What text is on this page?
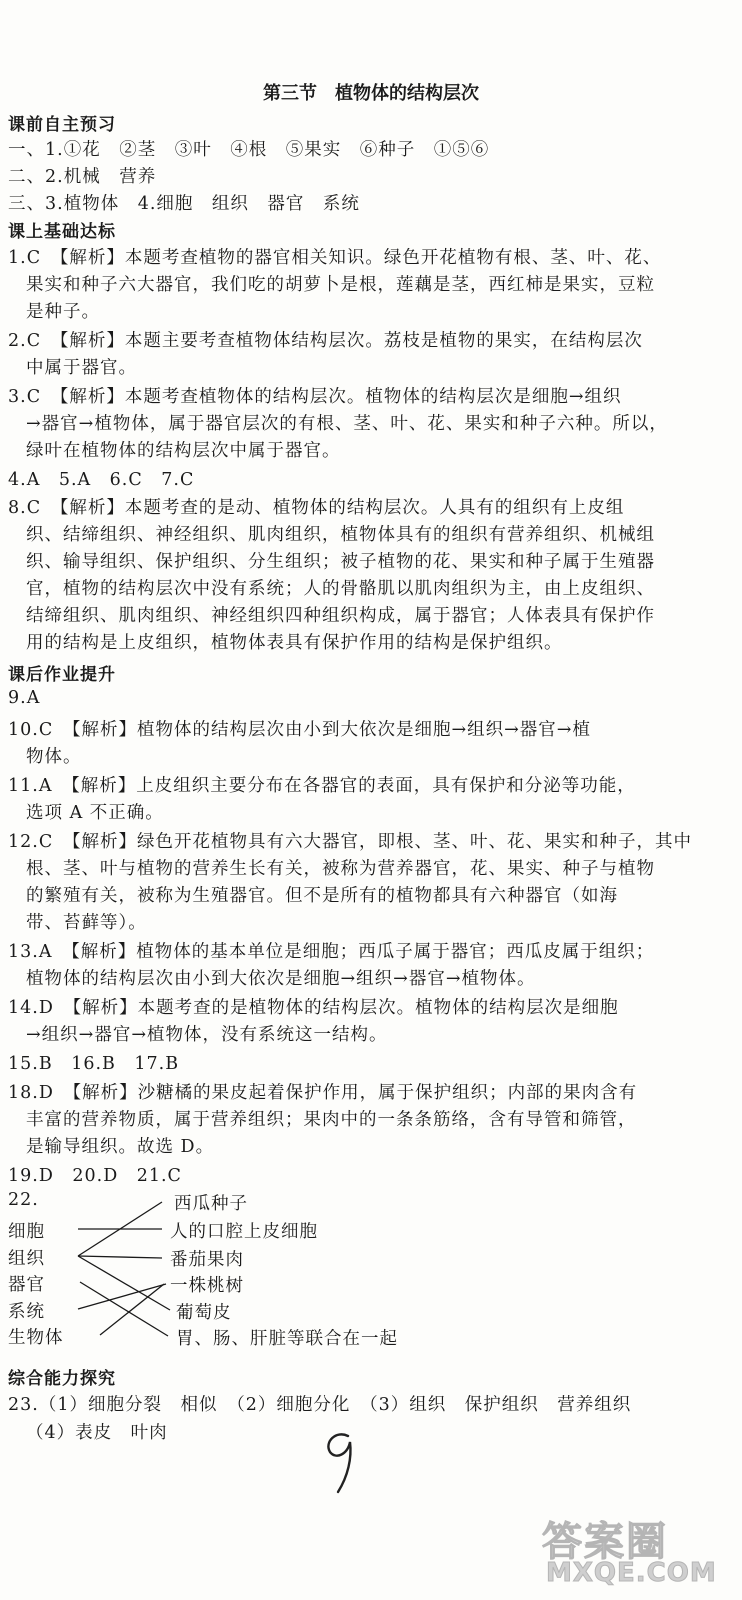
第三节　植物体的结构层次
课前自主预习
一、1.①花　②茎　③叶　④根　⑤果实　⑥种子　①⑤⑥
二、2.机械　营养
三、3.植物体　4.细胞　组织　器官　系统
课上基础达标
1.C　【解析】本题考查植物的器官相关知识。绿色开花植物有根、茎、叶、花、
果实和种子六大器官，我们吃的胡萝卜是根，莲藕是茎，西红柿是果实，豆粒
是种子。
2.C　【解析】本题主要考查植物体结构层次。荔枝是植物的果实，在结构层次
中属于器官。
3.C　【解析】本题考查植物体的结构层次。植物体的结构层次是细胞→组织
→器官→植物体，属于器官层次的有根、茎、叶、花、果实和种子六种。所以，
绿叶在植物体的结构层次中属于器官。
4.A　5.A　6.C　7.C
8.C　【解析】本题考查的是动、植物体的结构层次。人具有的组织有上皮组
织、结缔组织、神经组织、肌肉组织，植物体具有的组织有营养组织、机械组
织、输导组织、保护组织、分生组织；被子植物的花、果实和种子属于生殖器
官，植物的结构层次中没有系统；人的骨骼肌以肌肉组织为主，由上皮组织、
结缔组织、肌肉组织、神经组织四种组织构成，属于器官；人体表具有保护作
用的结构是上皮组织，植物体表具有保护作用的结构是保护组织。
课后作业提升
9.A
10.C　【解析】植物体的结构层次由小到大依次是细胞→组织→器官→植
物体。
11.A　【解析】上皮组织主要分布在各器官的表面，具有保护和分泌等功能，
选项 A 不正确。
12.C　【解析】绿色开花植物具有六大器官，即根、茎、叶、花、果实和种子，其中
根、茎、叶与植物的营养生长有关，被称为营养器官，花、果实、种子与植物
的繁殖有关，被称为生殖器官。但不是所有的植物都具有六种器官（如海
带、苔藓等）。
13.A　【解析】植物体的基本单位是细胞；西瓜子属于器官；西瓜皮属于组织；
植物体的结构层次由小到大依次是细胞→组织→器官→植物体。
14.D　【解析】本题考查的是植物体的结构层次。植物体的结构层次是细胞
→组织→器官→植物体，没有系统这一结构。
15.B　16.B　17.B
18.D　【解析】沙糖橘的果皮起着保护作用，属于保护组织；内部的果肉含有
丰富的营养物质，属于营养组织；果肉中的一条条筋络，含有导管和筛管，
是输导组织。故选 D。
19.D　20.D　21.C
22.
细胞
组织
器官
系统
生物体
西瓜种子
人的口腔上皮细胞
番茄果肉
一株桃树
葡萄皮
胃、肠、肝脏等联合在一起
综合能力探究
23.（1）细胞分裂　相似　（2）细胞分化　（3）组织　保护组织　营养组织
（4）表皮　叶肉
答案圈
MXQE.COM
